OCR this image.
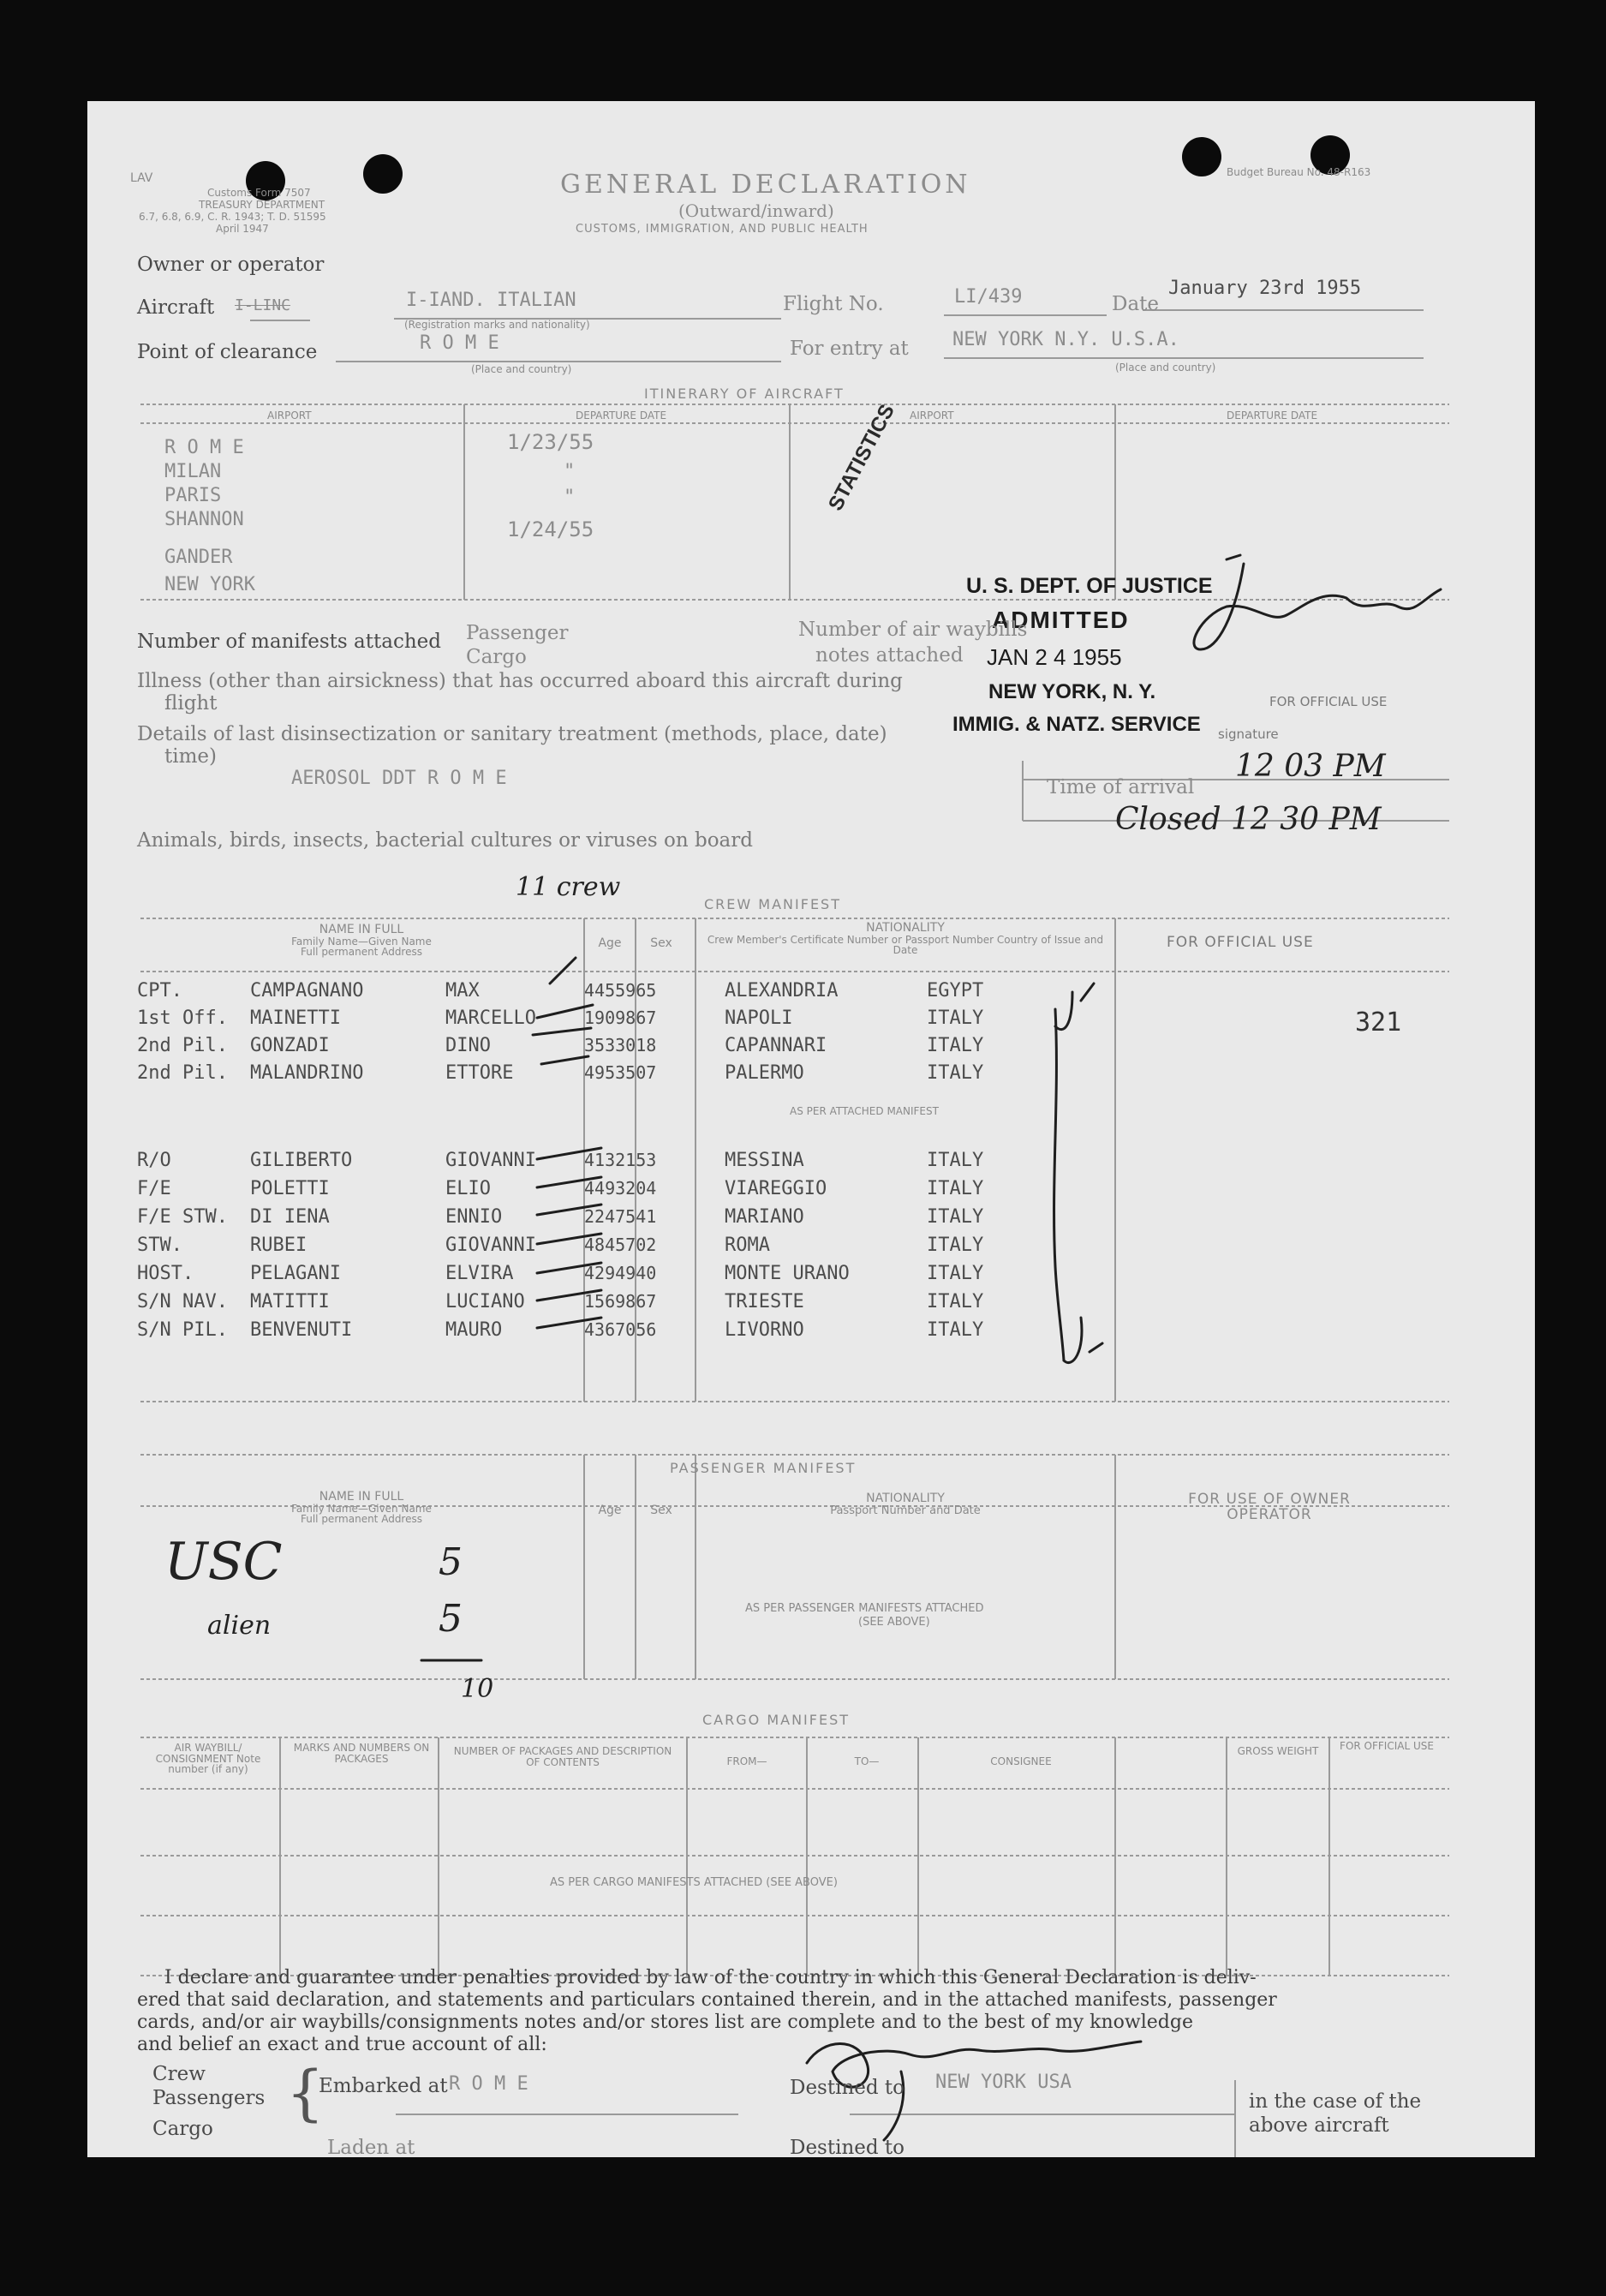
LAV
Customs Form 7507
TREASURY DEPARTMENT
6.7, 6.8, 6.9, C. R. 1943; T. D. 51595
April 1947
Budget Bureau No. 48-R163
GENERAL DECLARATION
(Outward/inward)
CUSTOMS, IMMIGRATION, AND PUBLIC HEALTH
Owner or operator
Aircraft I-LINC	I-IAND. ITALIAN
(Registration marks and nationality)
Flight No.	LI/439	Date
January 23rd 1955
Point of clearance	R O M E
(Place and country)
For entry at NEW YORK N.Y. U.S.A.
(Place and country)
ITINERARY OF AIRCRAFT
AIRPORT	DEPARTURE DATE	AIRPORT	DEPARTURE DATE
R O M E	1/23/55
MILAN	"
PARIS	"
SHANNON	1/24/55
GANDER
NEW YORK
STATISTICS
U. S. DEPT. OF JUSTICE
ADMITTED
JAN 2 4 1955
NEW YORK, N. Y.
IMMIG. & NATZ. SERVICE
Number of manifests attached Passenger
Cargo
Number of air waybills
notes attached
Illness (other than airsickness) that has occurred aboard this aircraft during
flight
Details of last disinsectization or sanitary treatment (methods, place, date)
time)
AEROSOL DDT R O M E
FOR OFFICIAL USE
signature
Time of arrival
12 03 PM
Closed 12 30 PM
Animals, birds, insects, bacterial cultures or viruses on board
11 crew
CREW MANIFEST
NAME IN FULL
Family Name—Given Name
Full permanent Address
Age	Sex
NATIONALITY
Crew Member's Certificate Number or Passport Number Country of Issue and Date	FOR OFFICIAL USE
CPT.	CAMPAGNANO	MAX	4455965	ALEXANDRIA	EGYPT
1st Off. MAINETTI	MARCELLO	1909867	NAPOLI	ITALY
2nd Pil. GONZADI	DINO	3533018	CAPANNARI	ITALY
2nd Pil. MALANDRINO	ETTORE	4953507	PALERMO	ITALY
AS PER ATTACHED MANIFEST
321
R/O	GILIBERTO	GIOVANNI	4132153	MESSINA	ITALY
F/E	POLETTI	ELIO	4493204	VIAREGGIO	ITALY
F/E STW. DI IENA	ENNIO	2247541	MARIANO	ITALY
STW.	RUBEI	GIOVANNI	4845702	ROMA	ITALY
HOST.	PELAGANI	ELVIRA	4294940	MONTE URANO	ITALY
S/N NAV. MATITTI	LUCIANO	1569867	TRIESTE	ITALY
S/N PIL. BENVENUTI	MAURO	4367056	LIVORNO	ITALY
PASSENGER MANIFEST
NAME IN FULL
Family Name—Given Name
Full permanent Address
Age	Sex
NATIONALITY
Passport Number and Date
FOR USE OF OWNER OPERATOR
USC	5
alien	5
10
AS PER PASSENGER MANIFESTS ATTACHED
(SEE ABOVE)
CARGO MANIFEST
AIR WAYBILL/ CONSIGNMENT Note number (if any)
MARKS AND NUMBERS ON PACKAGES
NUMBER OF PACKAGES AND DESCRIPTION OF CONTENTS	FROM—	TO—	CONSIGNEE
GROSS WEIGHT FOR OFFICIAL USE
AS PER CARGO MANIFESTS ATTACHED (SEE ABOVE)
I declare and guarantee under penalties provided by law of the country in which this General Declaration is deliv-
ered that said declaration, and statements and particulars contained therein, and in the attached manifests, passenger
cards, and/or air waybills/consignments notes and/or stores list are complete and to the best of my knowledge
and belief an exact and true account of all:
Crew
Passengers
Cargo
{
Embarked at R O M E
Laden at
Destined to NEW YORK USA
Destined to
in the case of the
above aircraft
